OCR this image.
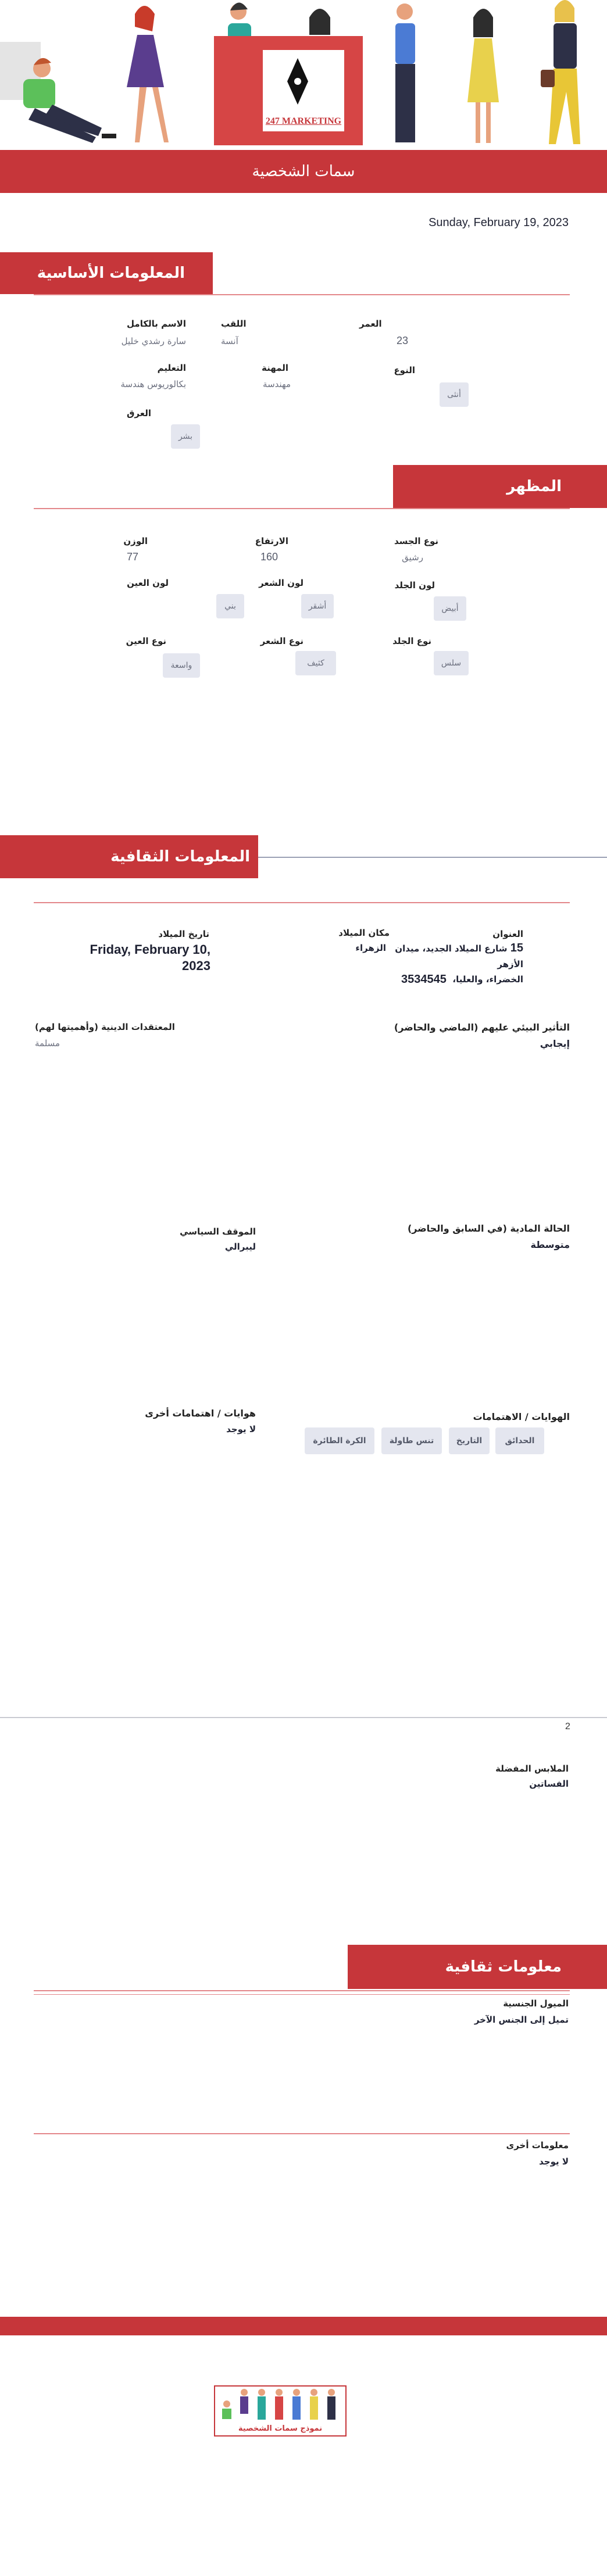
247 MARKETING
سمات الشخصية
Sunday, February 19, 2023
المعلومات الأساسية
الاسم بالكامل
سارة رشدي خليل
اللقب
آنسة
العمر
23
التعليم
بكالوريوس هندسة
المهنة
مهندسة
النوع
أنثى
العرق
بشر
المظهر
الوزن
77
الارتفاع
160
نوع الجسد
رشيق
لون العين
بني
لون الشعر
أشقر
لون الجلد
أبيض
نوع العين
واسعة
نوع الشعر
كثيف
نوع الجلد
سلس
المعلومات الثقافية
العنوان
15 شارع الميلاد الجديد، ميدان
الأزهر
الخضراء، والعليا،
3534545
مكان الميلاد
الزهراء
تاريخ الميلاد
Friday, February 10, 2023
التأثير البيئي عليهم (الماضي والحاضر)
إيجابي
المعتقدات الدينية (وأهميتها لهم)
مسلمة
الحالة المادية (في السابق والحاضر)
متوسطة
الموقف السياسي
ليبرالي
الهوايات / الاهتمامات
الحدائق
التاريخ
تنس طاولة
الكرة الطائرة
هوايات / اهتمامات أخرى
لا يوجد
2
الملابس المفضلة
الفساتين
معلومات ثقافية
الميول الجنسية
تميل إلى الجنس الآخر
معلومات أخرى
لا يوجد
نموذج سمات الشخصية
